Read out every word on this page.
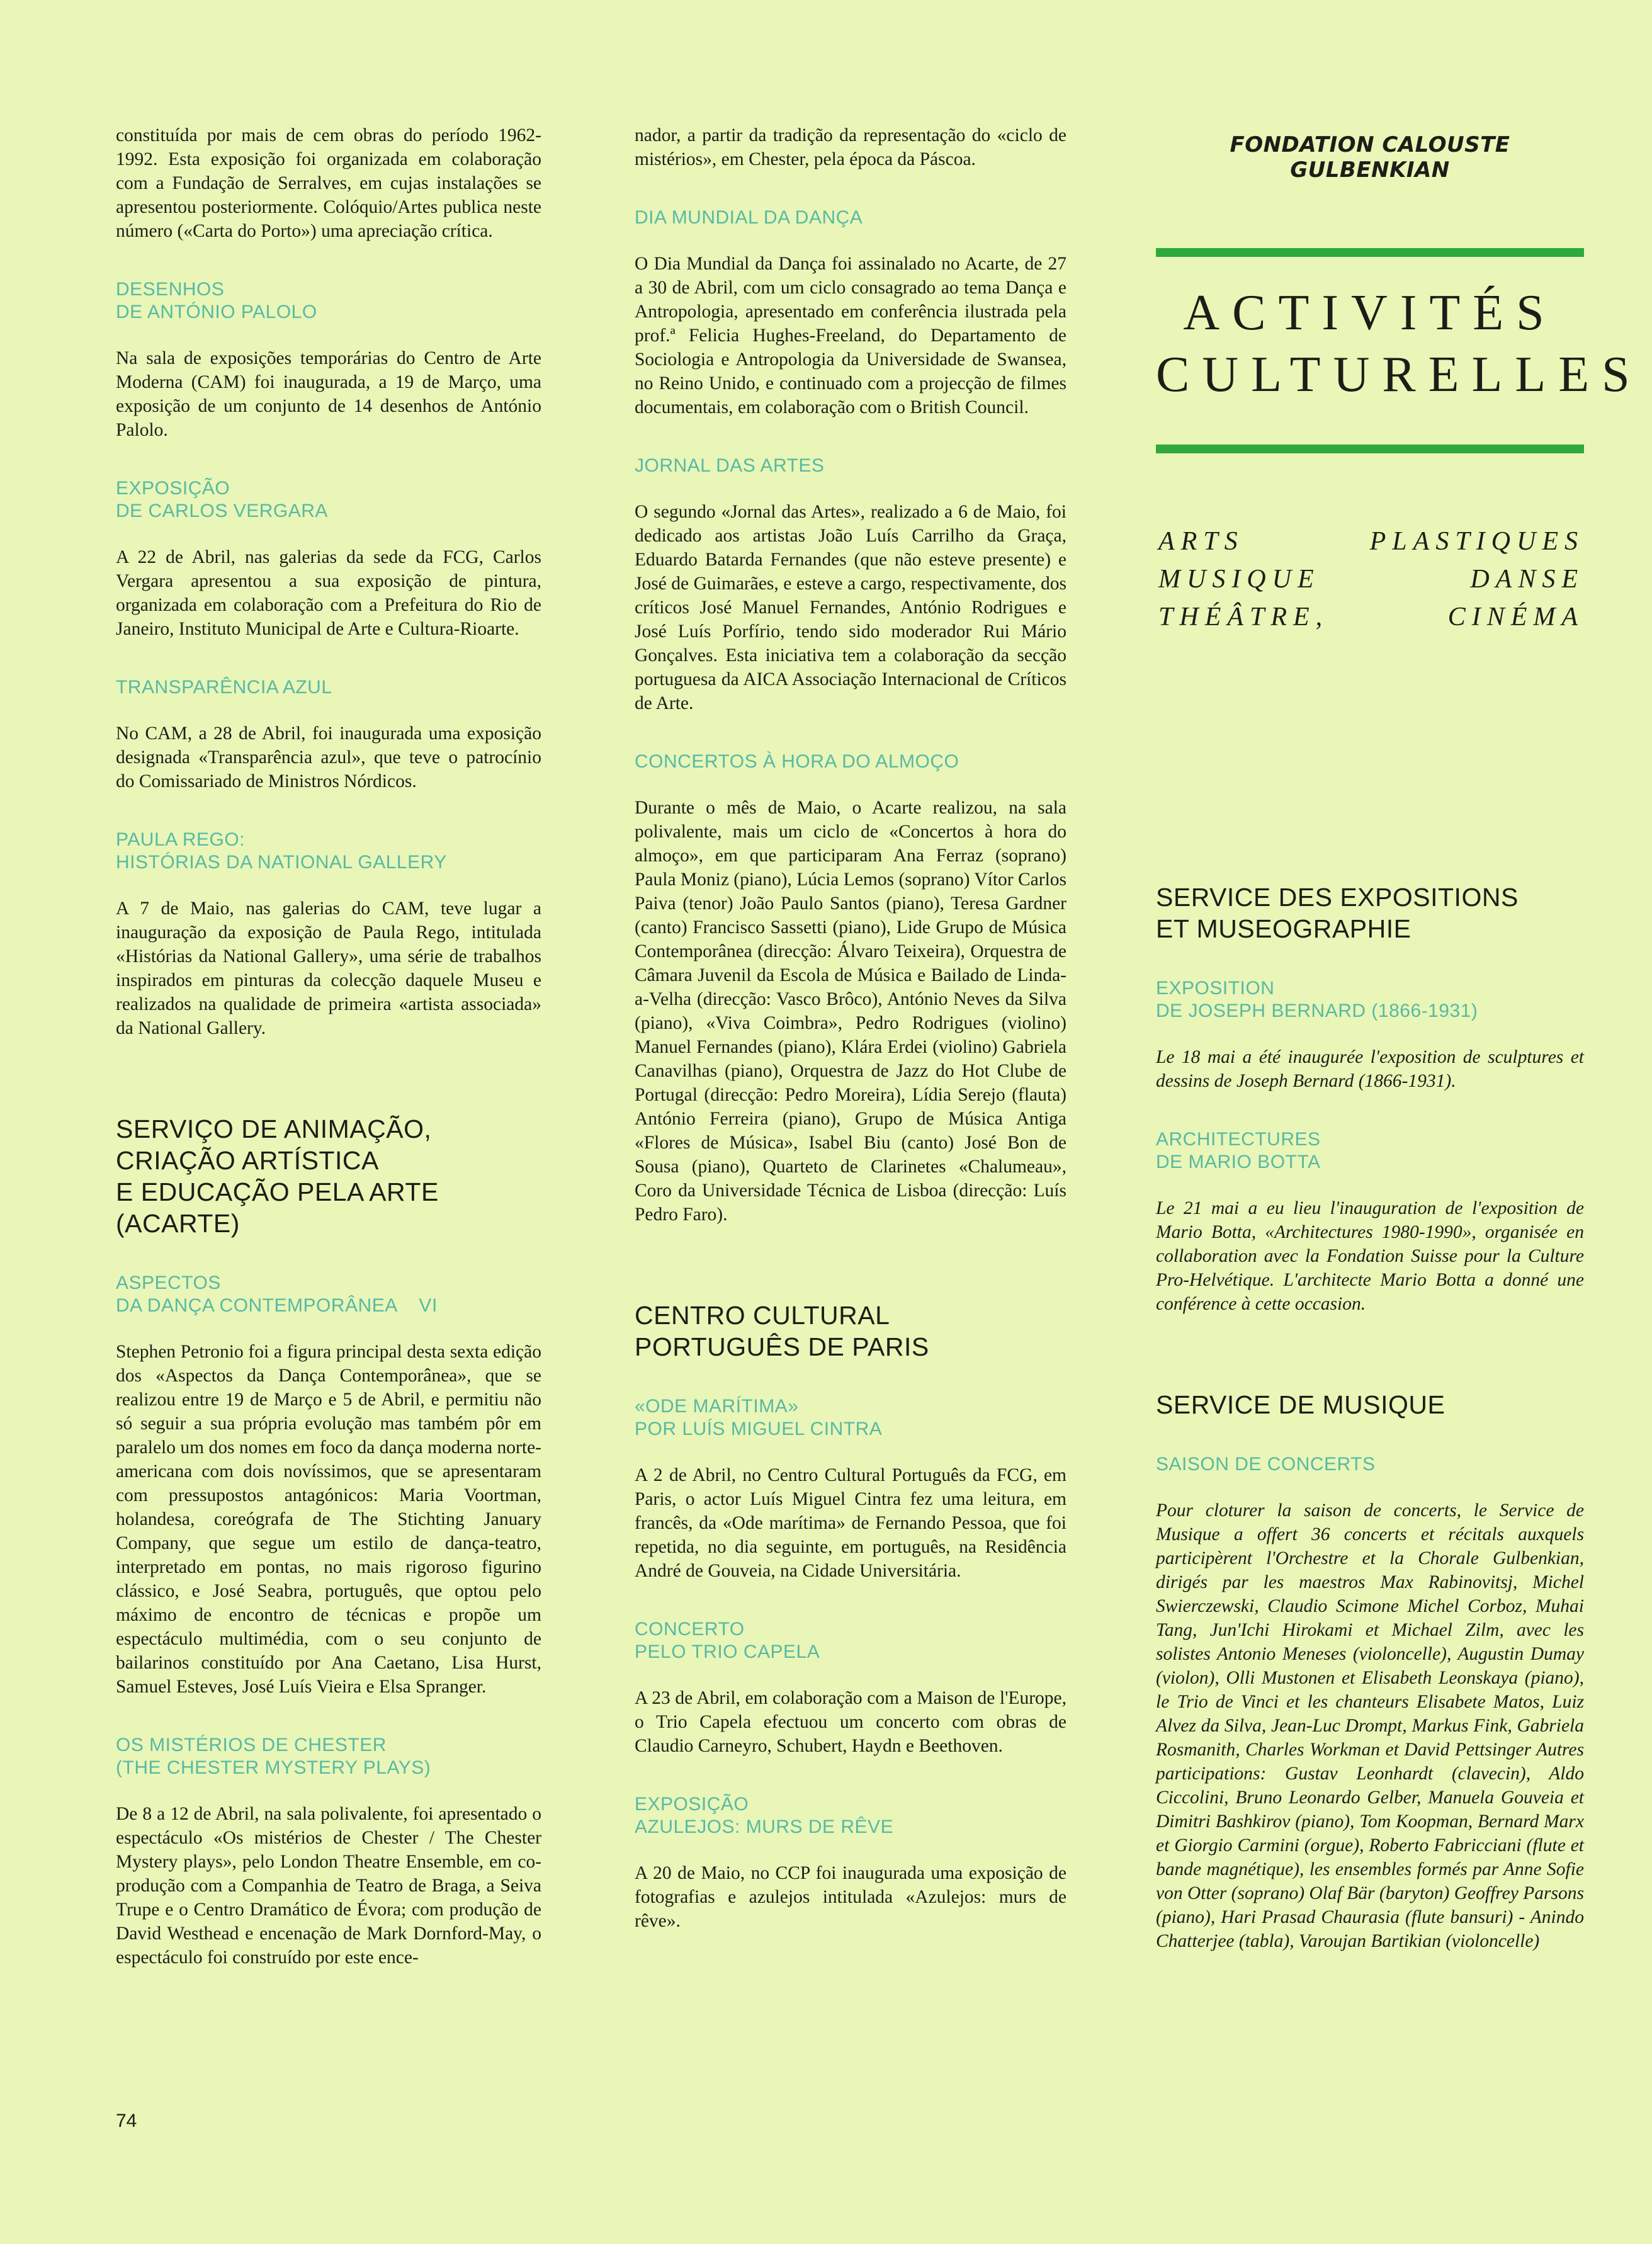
constituída por mais de cem obras do período 1962-1992. Esta exposição foi organizada em colaboração com a Fundação de Serralves, em cujas instalações se apresentou posteriormente. Colóquio/Artes publica neste número («Carta do Porto») uma apreciação crítica.

DESENHOS
DE ANTÓNIO PALOLO

Na sala de exposições temporárias do Centro de Arte Moderna (CAM) foi inaugurada, a 19 de Março, uma exposição de um conjunto de 14 desenhos de António Palolo.

EXPOSIÇÃO
DE CARLOS VERGARA

A 22 de Abril, nas galerias da sede da FCG, Carlos Vergara apresentou a sua exposição de pintura, organizada em colaboração com a Prefeitura do Rio de Janeiro, Instituto Municipal de Arte e Cultura-Rioarte.

TRANSPARÊNCIA AZUL

No CAM, a 28 de Abril, foi inaugurada uma exposição designada «Transparência azul», que teve o patrocínio do Comissariado de Ministros Nórdicos.

PAULA REGO:
HISTÓRIAS DA NATIONAL GALLERY

A 7 de Maio, nas galerias do CAM, teve lugar a inauguração da exposição de Paula Rego, intitulada «Histórias da National Gallery», uma série de trabalhos inspirados em pinturas da colecção daquele Museu e realizados na qualidade de primeira «artista associada» da National Gallery.

SERVIÇO DE ANIMAÇÃO,
CRIAÇÃO ARTÍSTICA
E EDUCAÇÃO PELA ARTE
(ACARTE)
ASPECTOS
DA DANÇA CONTEMPORÂNEA    VI

Stephen Petronio foi a figura principal desta sexta edição dos «Aspectos da Dança Contemporânea», que se realizou entre 19 de Março e 5 de Abril, e permitiu não só seguir a sua própria evolução mas também pôr em paralelo um dos nomes em foco da dança moderna norte-americana com dois novíssimos, que se apresentaram com pressupostos antagónicos: Maria Voortman, holandesa, coreógrafa de The Stichting January Company, que segue um estilo de dança-teatro, interpretado em pontas, no mais rigoroso figurino clássico, e José Seabra, português, que optou pelo máximo de encontro de técnicas e propõe um espectáculo multimédia, com o seu conjunto de bailarinos constituído por Ana Caetano, Lisa Hurst, Samuel Esteves, José Luís Vieira e Elsa Spranger.

OS MISTÉRIOS DE CHESTER
(THE CHESTER MYSTERY PLAYS)

De 8 a 12 de Abril, na sala polivalente, foi apresentado o espectáculo «Os mistérios de Chester / The Chester Mystery plays», pelo London Theatre Ensemble, em co-produção com a Companhia de Teatro de Braga, a Seiva Trupe e o Centro Dramático de Évora; com produção de David Westhead e encenação de Mark Dornford-May, o espectáculo foi construído por este ence-

nador, a partir da tradição da representação do «ciclo de mistérios», em Chester, pela época da Páscoa.

DIA MUNDIAL DA DANÇA

O Dia Mundial da Dança foi assinalado no Acarte, de 27 a 30 de Abril, com um ciclo consagrado ao tema Dança e Antropologia, apresentado em conferência ilustrada pela prof.ª Felicia Hughes-Freeland, do Departamento de Sociologia e Antropologia da Universidade de Swansea, no Reino Unido, e continuado com a projecção de filmes documentais, em colaboração com o British Council.

JORNAL DAS ARTES

O segundo «Jornal das Artes», realizado a 6 de Maio, foi dedicado aos artistas João Luís Carrilho da Graça, Eduardo Batarda Fernandes (que não esteve presente) e José de Guimarães, e esteve a cargo, respectivamente, dos críticos José Manuel Fernandes, António Rodrigues e José Luís Porfírio, tendo sido moderador Rui Mário Gonçalves. Esta iniciativa tem a colaboração da secção portuguesa da AICA Associação Internacional de Críticos de Arte.

CONCERTOS À HORA DO ALMOÇO

Durante o mês de Maio, o Acarte realizou, na sala polivalente, mais um ciclo de «Concertos à hora do almoço», em que participaram Ana Ferraz (soprano) Paula Moniz (piano), Lúcia Lemos (soprano) Vítor Carlos Paiva (tenor) João Paulo Santos (piano), Teresa Gardner (canto) Francisco Sassetti (piano), Lide Grupo de Música Contemporânea (direcção: Álvaro Teixeira), Orquestra de Câmara Juvenil da Escola de Música e Bailado de Linda-a-Velha (direcção: Vasco Brôco), António Neves da Silva (piano), «Viva Coimbra», Pedro Rodrigues (violino) Manuel Fernandes (piano), Klára Erdei (violino) Gabriela Canavilhas (piano), Orquestra de Jazz do Hot Clube de Portugal (direcção: Pedro Moreira), Lídia Serejo (flauta) António Ferreira (piano), Grupo de Música Antiga «Flores de Música», Isabel Biu (canto) José Bon de Sousa (piano), Quarteto de Clarinetes «Chalumeau», Coro da Universidade Técnica de Lisboa (direcção: Luís Pedro Faro).

CENTRO CULTURAL
PORTUGUÊS DE PARIS
«ODE MARÍTIMA»
POR LUÍS MIGUEL CINTRA

A 2 de Abril, no Centro Cultural Português da FCG, em Paris, o actor Luís Miguel Cintra fez uma leitura, em francês, da «Ode marítima» de Fernando Pessoa, que foi repetida, no dia seguinte, em português, na Residência André de Gouveia, na Cidade Universitária.

CONCERTO
PELO TRIO CAPELA

A 23 de Abril, em colaboração com a Maison de l'Europe, o Trio Capela efectuou um concerto com obras de Claudio Carneyro, Schubert, Haydn e Beethoven.

EXPOSIÇÃO
AZULEJOS: MURS DE RÊVE

A 20 de Maio, no CCP foi inaugurada uma exposição de fotografias e azulejos intitulada «Azulejos: murs de rêve».

FONDATION CALOUSTE GULBENKIAN

ACTIVITÉS

CULTURELLES

ARTS	PLASTIQUES
MUSIQUE	DANSE
THÉÂTRE,	CINÉMA
SERVICE DES EXPOSITIONS
ET MUSEOGRAPHIE
EXPOSITION
DE JOSEPH BERNARD (1866-1931)

Le 18 mai a été inaugurée l'exposition de sculptures et dessins de Joseph Bernard (1866-1931).

ARCHITECTURES
DE MARIO BOTTA

Le 21 mai a eu lieu l'inauguration de l'exposition de Mario Botta, «Architectures 1980-1990», organisée en collaboration avec la Fondation Suisse pour la Culture Pro-Helvétique. L'architecte Mario Botta a donné une conférence à cette occasion.

SERVICE DE MUSIQUE
SAISON DE CONCERTS

Pour cloturer la saison de concerts, le Service de Musique a offert 36 concerts et récitals auxquels participèrent l'Orchestre et la Chorale Gulbenkian, dirigés par les maestros Max Rabinovitsj, Michel Swierczewski, Claudio Scimone Michel Corboz, Muhai Tang, Jun'Ichi Hirokami et Michael Zilm, avec les solistes Antonio Meneses (violoncelle), Augustin Dumay (violon), Olli Mustonen et Elisabeth Leonskaya (piano), le Trio de Vinci et les chanteurs Elisabete Matos, Luiz Alvez da Silva, Jean-Luc Drompt, Markus Fink, Gabriela Rosmanith, Charles Workman et David Pettsinger Autres participations: Gustav Leonhardt (clavecin), Aldo Ciccolini, Bruno Leonardo Gelber, Manuela Gouveia et Dimitri Bashkirov (piano), Tom Koopman, Bernard Marx et Giorgio Carmini (orgue), Roberto Fabricciani (flute et bande magnétique), les ensembles formés par Anne Sofie von Otter (soprano) Olaf Bär (baryton) Geoffrey Parsons (piano), Hari Prasad Chaurasia (flute bansuri) - Anindo Chatterjee (tabla), Varoujan Bartikian (violoncelle)

74
